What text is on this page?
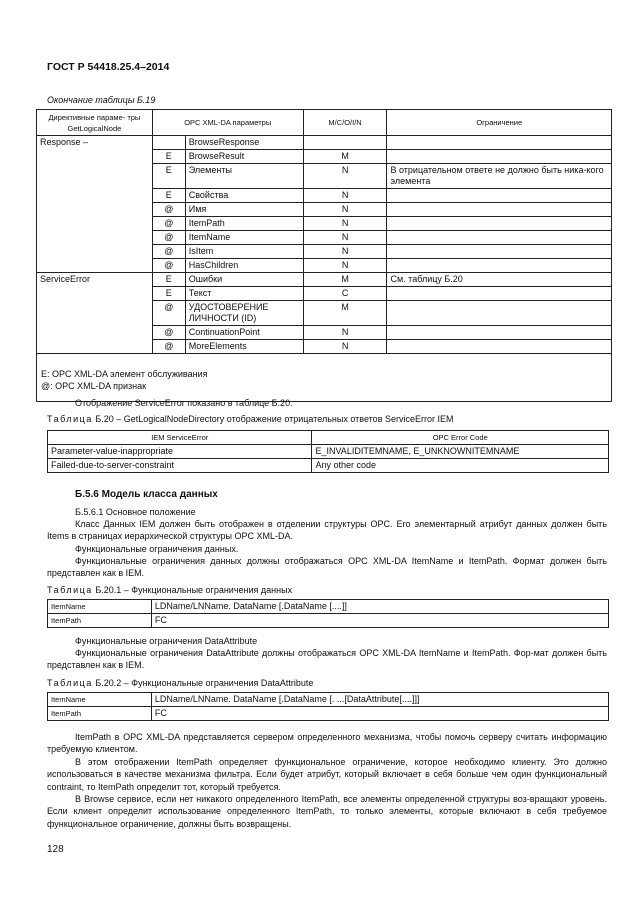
ГОСТ Р 54418.25.4–2014
Окончание таблицы Б.19
Директивные параме- тры GetLogicalNode	OPC XML-DA параметры		M/C/O/I/N	Ограничение
Response –		BrowseResponse		
	E	BrowseResult	M	
	E	Элементы	N	В отрицательном ответе не должно быть ника-кого элемента
	E	Свойства	N	
	@	Имя	N	
	@	ItemPath	N	
	@	ItemName	N	
	@	IsItem	N	
	@	HasChildren	N	
ServiceError	E	Ошибки	M	См. таблицу Б.20
	E	Текст	C	
	@	УДОСТОВЕРЕНИЕ ЛИЧНОСТИ (ID)	M	
	@	ContinuationPoint	N	
	@	MoreElements	N	

E: OPC XML-DA элемент обслуживания
@: OPC XML-DA признак				

Отображение ServiceError показано в таблице Б.20.

Таблица Б.20 – GetLogicalNodeDirectory отображение отрицательных ответов ServiceError IEM
IEM ServiceError	OPC Error Code
Parameter-value-inappropriate	E_INVALIDITEMNAME, E_UNKNOWNITEMNAME
Failed-due-to-server-constraint	Any other code
Б.5.6 Модель класса данных

Б.5.6.1 Основное положение

Класс Данных IEM должен быть отображен в отделении структуры OPC. Его элементарный атрибут данных должен быть Items в страницах иерархической структуры OPC XML-DA.

Функциональные ограничения данных.

Функциональные ограничения данных должны отображаться OPC XML-DA ItemName и ItemPath. Формат должен быть представлен как в IEM.

Таблица Б.20.1 – Функциональные ограничения данных
ItemName	LDName/LNName. DataName [.DataName [....]]
ItemPath	FC

Функциональные ограничения DataAttribute

Функциональные ограничения DataAttribute должны отображаться OPC XML-DA ItemName и ItemPath. Фор-мат должен быть представлен как в IEM.

Таблица Б.20.2 – Функциональные ограничения DataAttribute
ItemName	LDName/LNName. DataName [.DataName [. ...[DataAttribute[....]]]
ItemPath	FC

ItemPath в OPC XML-DA представляется сервером определенного механизма, чтобы помочь серверу считать информацию требуемую клиентом.

В этом отображении ItemPath определяет функциональное ограничение, которое необходимо клиенту. Это должно использоваться в качестве механизма фильтра. Если будет атрибут, который включает в себя больше чем один функциональный contraint, то ItemPath определит тот, который требуется.

В Browse сервисе, если нет никакого определенного ItemPath, все элементы определенной структуры воз-вращают уровень. Если клиент определит использование определенного ItemPath, то только элементы, которые включают в себя требуемое функциональное ограничение, должны быть возвращены.

128
